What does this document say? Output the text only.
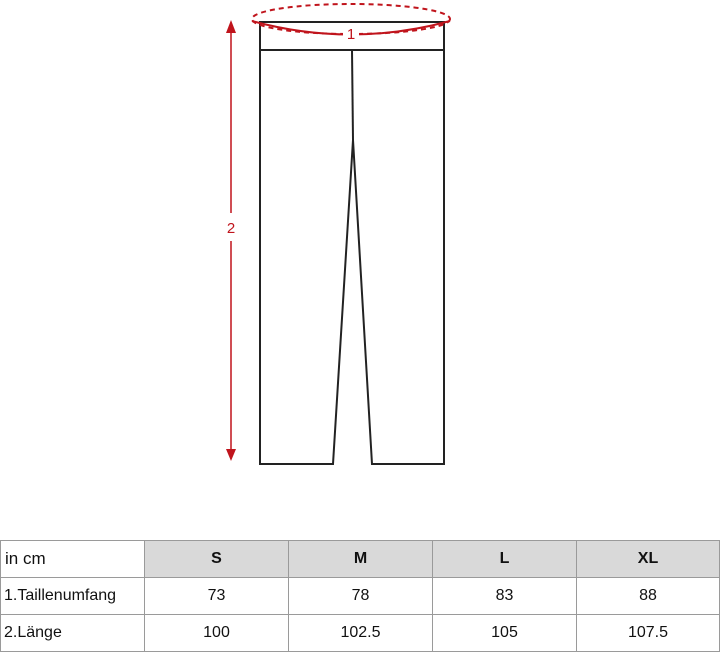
1
2
in cm	S	M	L	XL
1.Taillenumfang	73	78	83	88
2.Länge	100	102.5	105	107.5
